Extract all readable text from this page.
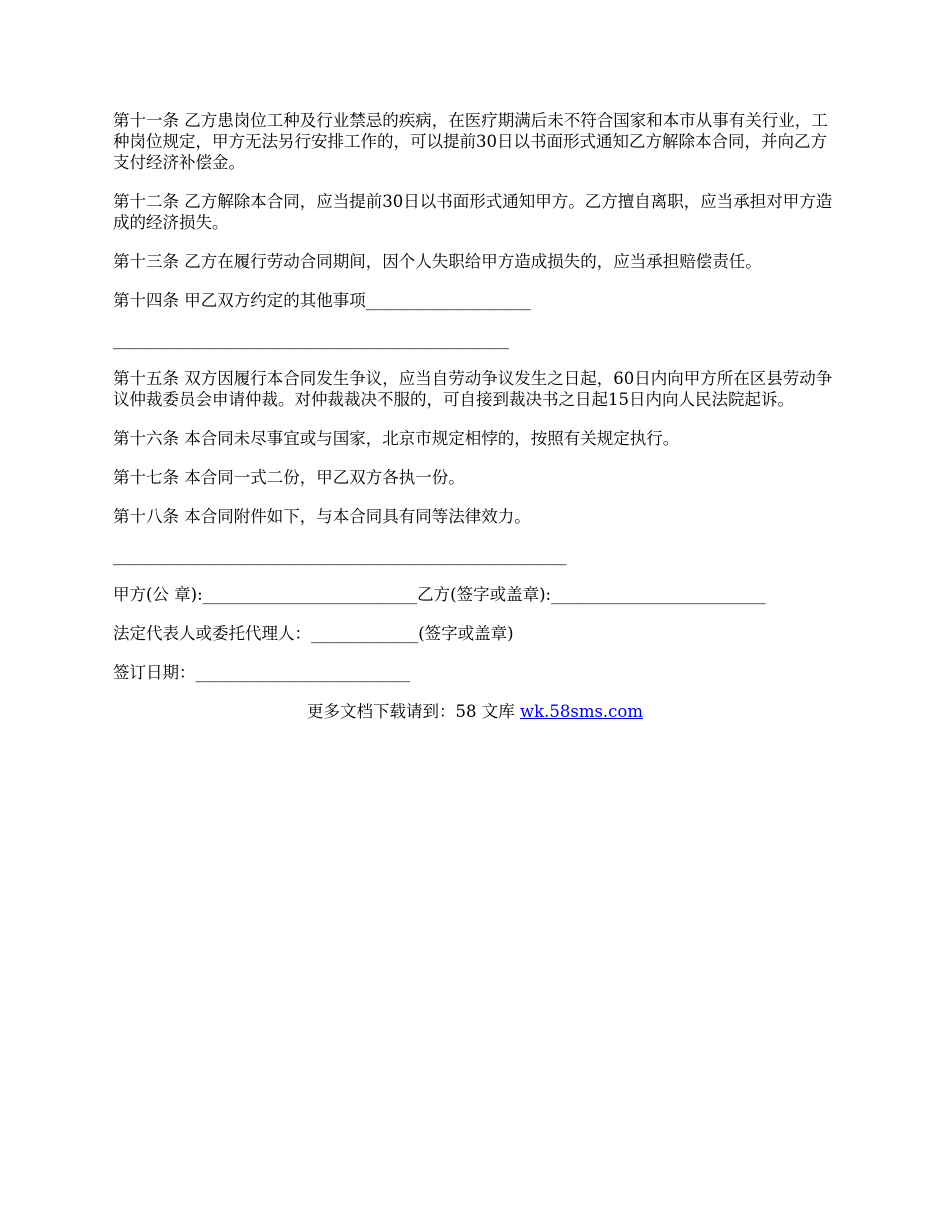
第十一条 乙方患岗位工种及行业禁忌的疾病，在医疗期满后未不符合国家和本市从事有关行业，工种岗位规定，甲方无法另行安排工作的，可以提前30日以书面形式通知乙方解除本合同，并向乙方支付经济补偿金。

第十二条 乙方解除本合同，应当提前30日以书面形式通知甲方。乙方擅自离职，应当承担对甲方造成的经济损失。

第十三条 乙方在履行劳动合同期间，因个人失职给甲方造成损失的，应当承担赔偿责任。

第十四条 甲乙双方约定的其他事项____________________

________________________________________________

第十五条 双方因履行本合同发生争议，应当自劳动争议发生之日起，60日内向甲方所在区县劳动争议仲裁委员会申请仲裁。对仲裁裁决不服的，可自接到裁决书之日起15日内向人民法院起诉。

第十六条 本合同未尽事宜或与国家，北京市规定相悖的，按照有关规定执行。

第十七条 本合同一式二份，甲乙双方各执一份。

第十八条 本合同附件如下，与本合同具有同等法律效力。

_______________________________________________________

甲方(公 章):__________________________乙方(签字或盖章):__________________________

法定代表人或委托代理人：_____________(签字或盖章)

签订日期：__________________________

更多文档下载请到：58 文库 wk.58sms.com
